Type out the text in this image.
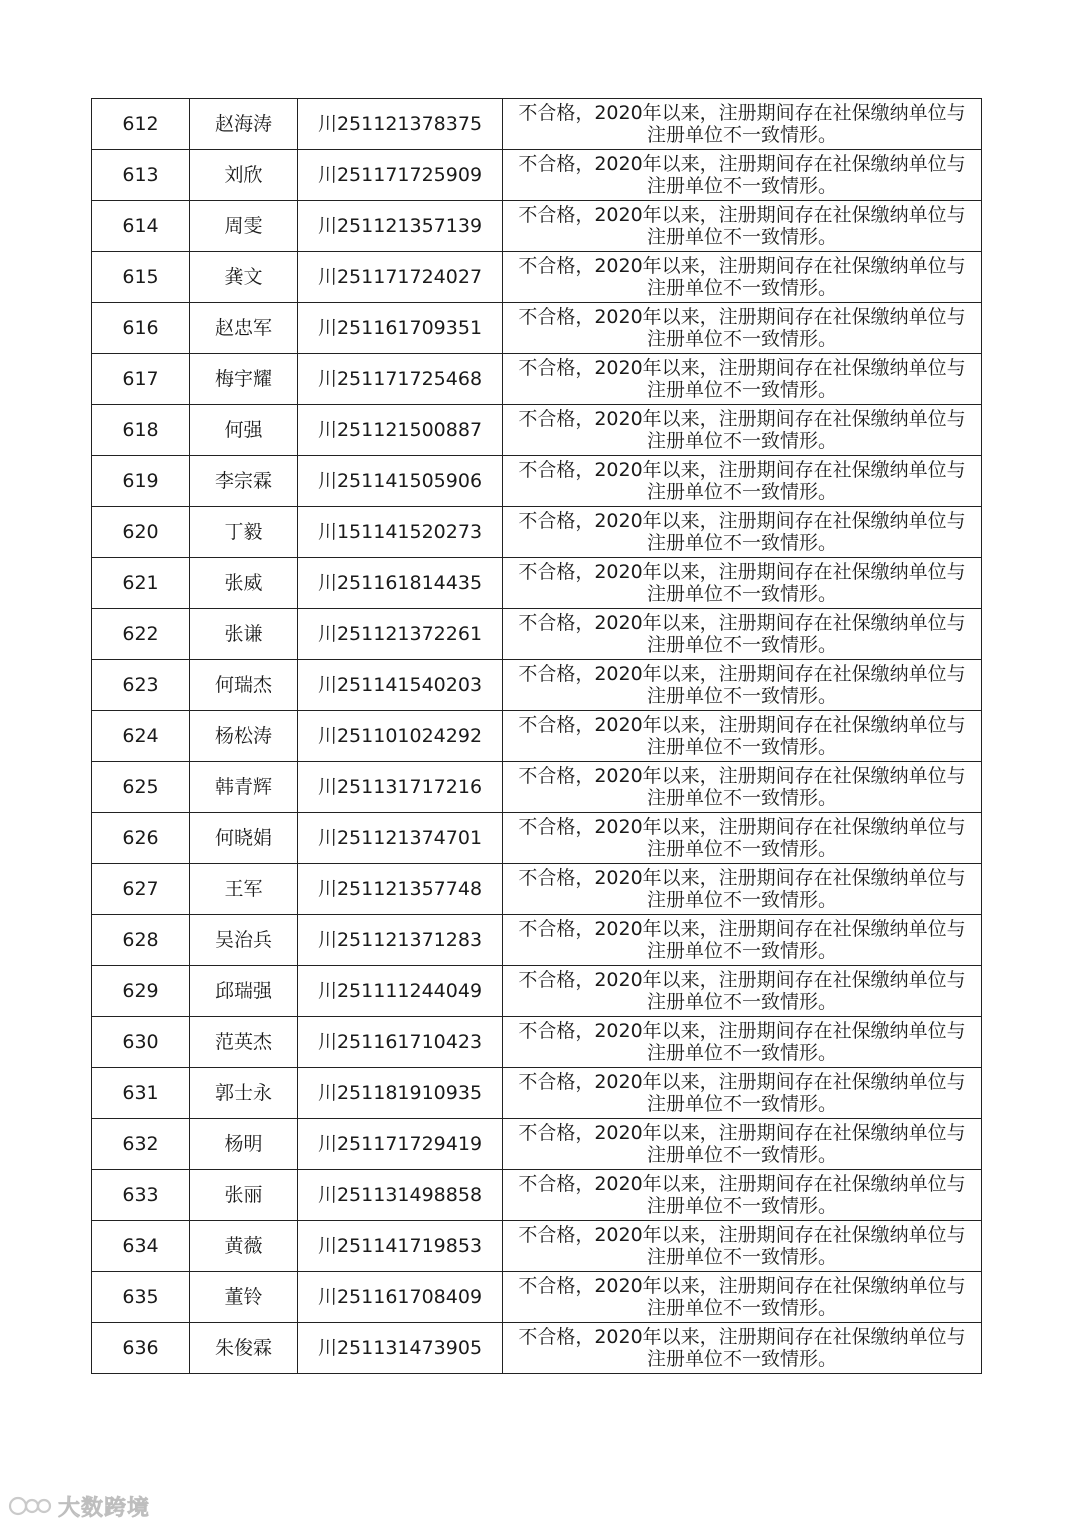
612	赵海涛	川251121378375	不合格，2020年以来，注册期间存在社保缴纳单位与
注册单位不一致情形。

613	刘欣	川251171725909	不合格，2020年以来，注册期间存在社保缴纳单位与
注册单位不一致情形。

614	周雯	川251121357139	不合格，2020年以来，注册期间存在社保缴纳单位与
注册单位不一致情形。

615	龚文	川251171724027	不合格，2020年以来，注册期间存在社保缴纳单位与
注册单位不一致情形。

616	赵忠军	川251161709351	不合格，2020年以来，注册期间存在社保缴纳单位与
注册单位不一致情形。

617	梅宇耀	川251171725468	不合格，2020年以来，注册期间存在社保缴纳单位与
注册单位不一致情形。

618	何强	川251121500887	不合格，2020年以来，注册期间存在社保缴纳单位与
注册单位不一致情形。

619	李宗霖	川251141505906	不合格，2020年以来，注册期间存在社保缴纳单位与
注册单位不一致情形。

620	丁毅	川151141520273	不合格，2020年以来，注册期间存在社保缴纳单位与
注册单位不一致情形。

621	张威	川251161814435	不合格，2020年以来，注册期间存在社保缴纳单位与
注册单位不一致情形。

622	张谦	川251121372261	不合格，2020年以来，注册期间存在社保缴纳单位与
注册单位不一致情形。

623	何瑞杰	川251141540203	不合格，2020年以来，注册期间存在社保缴纳单位与
注册单位不一致情形。

624	杨松涛	川251101024292	不合格，2020年以来，注册期间存在社保缴纳单位与
注册单位不一致情形。

625	韩青辉	川251131717216	不合格，2020年以来，注册期间存在社保缴纳单位与
注册单位不一致情形。

626	何晓娟	川251121374701	不合格，2020年以来，注册期间存在社保缴纳单位与
注册单位不一致情形。

627	王军	川251121357748	不合格，2020年以来，注册期间存在社保缴纳单位与
注册单位不一致情形。

628	吴治兵	川251121371283	不合格，2020年以来，注册期间存在社保缴纳单位与
注册单位不一致情形。

629	邱瑞强	川251111244049	不合格，2020年以来，注册期间存在社保缴纳单位与
注册单位不一致情形。

630	范英杰	川251161710423	不合格，2020年以来，注册期间存在社保缴纳单位与
注册单位不一致情形。

631	郭士永	川251181910935	不合格，2020年以来，注册期间存在社保缴纳单位与
注册单位不一致情形。

632	杨明	川251171729419	不合格，2020年以来，注册期间存在社保缴纳单位与
注册单位不一致情形。

633	张丽	川251131498858	不合格，2020年以来，注册期间存在社保缴纳单位与
注册单位不一致情形。

634	黄薇	川251141719853	不合格，2020年以来，注册期间存在社保缴纳单位与
注册单位不一致情形。

635	董铃	川251161708409	不合格，2020年以来，注册期间存在社保缴纳单位与
注册单位不一致情形。

636	朱俊霖	川251131473905	不合格，2020年以来，注册期间存在社保缴纳单位与
注册单位不一致情形。
大数跨境
